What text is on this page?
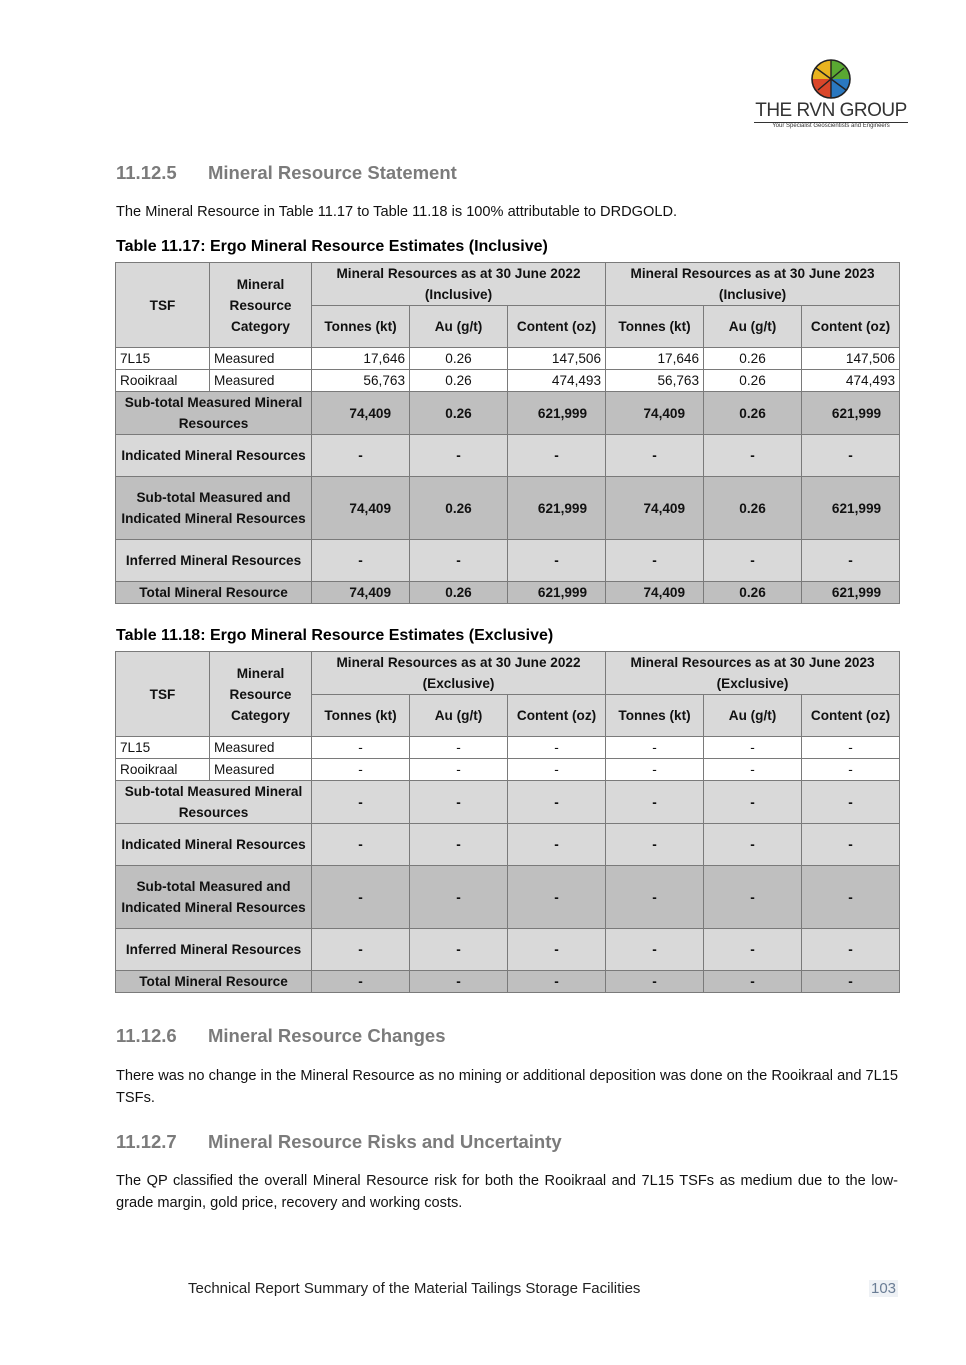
THE RVN GROUP
Your Specialist Geoscientists and Engineers
11.12.5 Mineral Resource Statement
The Mineral Resource in Table 11.17 to Table 11.18 is 100% attributable to DRDGOLD.
Table 11.17: Ergo Mineral Resource Estimates (Inclusive)
TSF	Mineral Resource Category	Mineral Resources as at 30 June 2022 (Inclusive)			Mineral Resources as at 30 June 2023 (Inclusive)		
		Tonnes (kt)	Au (g/t)	Content (oz)	Tonnes (kt)	Au (g/t)	Content (oz)
7L15	Measured	17,646	0.26	147,506	17,646	0.26	147,506
Rooikraal	Measured	56,763	0.26	474,493	56,763	0.26	474,493
Sub-total Measured Mineral Resources		74,409	0.26	621,999	74,409	0.26	621,999
Indicated Mineral Resources		-	-	-	-	-	-
Sub-total Measured and Indicated Mineral Resources		74,409	0.26	621,999	74,409	0.26	621,999
Inferred Mineral Resources		-	-	-	-	-	-
Total Mineral Resource		74,409	0.26	621,999	74,409	0.26	621,999
Table 11.18: Ergo Mineral Resource Estimates (Exclusive)
TSF	Mineral Resource Category	Mineral Resources as at 30 June 2022 (Exclusive)			Mineral Resources as at 30 June 2023 (Exclusive)		
		Tonnes (kt)	Au (g/t)	Content (oz)	Tonnes (kt)	Au (g/t)	Content (oz)
7L15	Measured	-	-	-	-	-	-
Rooikraal	Measured	-	-	-	-	-	-
Sub-total Measured Mineral Resources		-	-	-	-	-	-
Indicated Mineral Resources		-	-	-	-	-	-
Sub-total Measured and Indicated Mineral Resources		-	-	-	-	-	-
Inferred Mineral Resources		-	-	-	-	-	-
Total Mineral Resource		-	-	-	-	-	-
11.12.6 Mineral Resource Changes
There was no change in the Mineral Resource as no mining or additional deposition was done on the Rooikraal and 7L15 TSFs.
11.12.7 Mineral Resource Risks and Uncertainty
The QP classified the overall Mineral Resource risk for both the Rooikraal and 7L15 TSFs as medium due to the low-grade margin, gold price, recovery and working costs.
Technical Report Summary of the Material Tailings Storage Facilities	103
